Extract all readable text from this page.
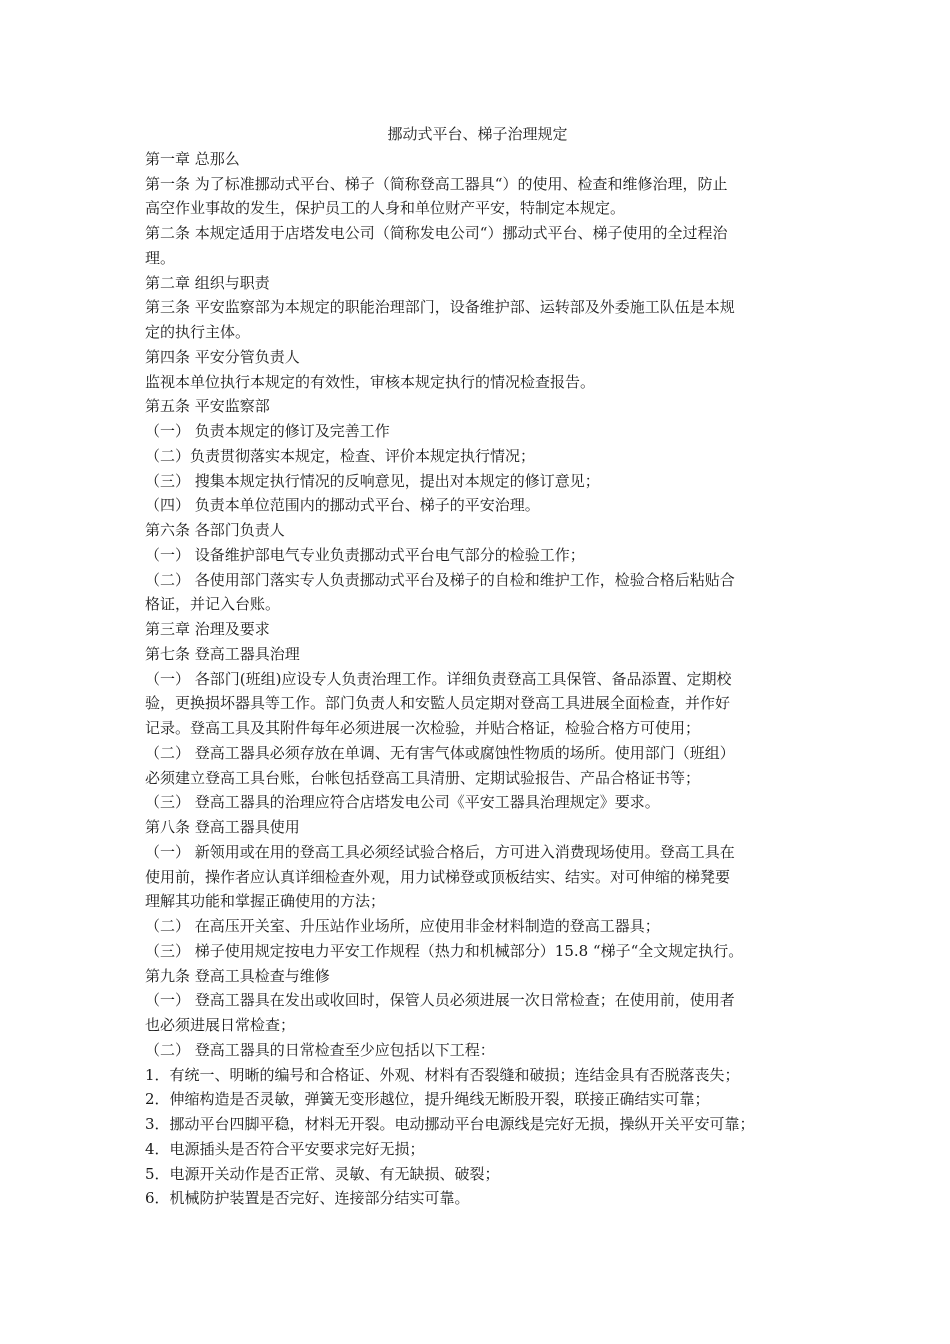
挪动式平台、梯子治理规定

第一章 总那么

第一条 为了标准挪动式平台、梯子（简称登高工器具“）的使用、检查和维修治理，防止

高空作业事故的发生，保护员工的人身和单位财产平安，特制定本规定。

第二条 本规定适用于店塔发电公司（简称发电公司“）挪动式平台、梯子使用的全过程治

理。

第二章 组织与职责

第三条 平安监察部为本规定的职能治理部门，设备维护部、运转部及外委施工队伍是本规

定的执行主体。

第四条 平安分管负责人

监视本单位执行本规定的有效性，审核本规定执行的情况检查报告。

第五条 平安监察部

（一） 负责本规定的修订及完善工作

（二）负责贯彻落实本规定，检查、评价本规定执行情况；

（三） 搜集本规定执行情况的反响意见，提出对本规定的修订意见；

（四） 负责本单位范围内的挪动式平台、梯子的平安治理。

第六条 各部门负责人

（一） 设备维护部电气专业负责挪动式平台电气部分的检验工作；

（二） 各使用部门落实专人负责挪动式平台及梯子的自检和维护工作，检验合格后粘贴合

格证，并记入台账。

第三章 治理及要求

第七条 登高工器具治理

（一） 各部门(班组)应设专人负责治理工作。详细负责登高工具保管、备品添置、定期校

验，更换损坏器具等工作。部门负责人和安監人员定期对登高工具进展全面检查，并作好

记录。登高工具及其附件每年必须进展一次检验，并贴合格证，检验合格方可使用；

（二） 登高工器具必须存放在单调、无有害气体或腐蚀性物质的场所。使用部门（班组）

必须建立登高工具台账，台帐包括登高工具清册、定期试验报告、产品合格证书等；

（三） 登高工器具的治理应符合店塔发电公司《平安工器具治理规定》要求。

第八条 登高工器具使用

（一） 新领用或在用的登高工具必须经试验合格后，方可进入消费现场使用。登高工具在

使用前，操作者应认真详细检查外观，用力试梯登或顶板结实、结实。对可伸缩的梯凳要

理解其功能和掌握正确使用的方法；

（二） 在高压开关室、升压站作业场所，应使用非金材料制造的登高工器具；

（三） 梯子使用规定按电力平安工作规程（热力和机械部分）15.8 “梯子“全文规定执行。

第九条 登高工具检查与维修

（一） 登高工器具在发出或收回时，保管人员必须进展一次日常检查；在使用前，使用者

也必须进展日常检查；

（二） 登高工器具的日常检查至少应包括以下工程：

1．有统一、明晰的编号和合格证、外观、材料有否裂缝和破损；连结金具有否脱落丧失；

2．伸缩构造是否灵敏，弹簧无变形越位，提升绳线无断股开裂，联接正确结实可靠；

3．挪动平台四脚平稳，材料无开裂。电动挪动平台电源线是完好无损，操纵开关平安可靠；

4．电源插头是否符合平安要求完好无损；

5．电源开关动作是否正常、灵敏、有无缺损、破裂；

6．机械防护装置是否完好、连接部分结实可靠。
